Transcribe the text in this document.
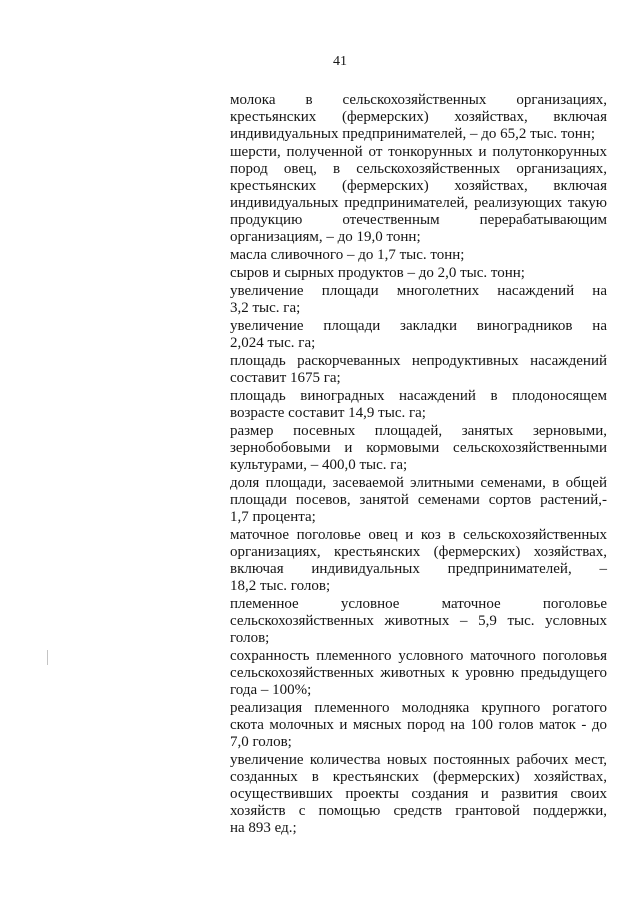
41
молока в сельскохозяйственных организациях,
крестьянских (фермерских) хозяйствах, включая
индивидуальных предпринимателей, – до 65,2 тыс. тонн;
шерсти, полученной от тонкорунных и полутонкорунных
пород овец, в сельскохозяйственных организациях,
крестьянских (фермерских) хозяйствах, включая
индивидуальных предпринимателей, реализующих такую
продукцию отечественным перерабатывающим
организациям, – до 19,0 тонн;
масла сливочного – до 1,7 тыс. тонн;
сыров и сырных продуктов – до 2,0 тыс. тонн;
увеличение площади многолетних насаждений на
3,2 тыс. га;
увеличение площади закладки виноградников на
2,024 тыс. га;
площадь раскорчеванных непродуктивных насаждений
составит 1675 га;
площадь виноградных насаждений в плодоносящем
возрасте составит 14,9 тыс. га;
размер посевных площадей, занятых зерновыми,
зернобобовыми и кормовыми сельскохозяйственными
культурами, – 400,0 тыс. га;
доля площади, засеваемой элитными семенами, в общей
площади посевов, занятой семенами сортов растений,-
1,7 процента;
маточное поголовье овец и коз в сельскохозяйственных
организациях, крестьянских (фермерских) хозяйствах,
включая индивидуальных предпринимателей, –
18,2 тыс. голов;
племенное условное маточное поголовье
сельскохозяйственных животных – 5,9 тыс. условных
голов;
сохранность племенного условного маточного поголовья
сельскохозяйственных животных к уровню предыдущего
года – 100%;
реализация племенного молодняка крупного рогатого
скота молочных и мясных пород на 100 голов маток - до
7,0 голов;
увеличение количества новых постоянных рабочих мест,
созданных в крестьянских (фермерских) хозяйствах,
осуществивших проекты создания и развития своих
хозяйств с помощью средств грантовой поддержки,
на 893 ед.;
